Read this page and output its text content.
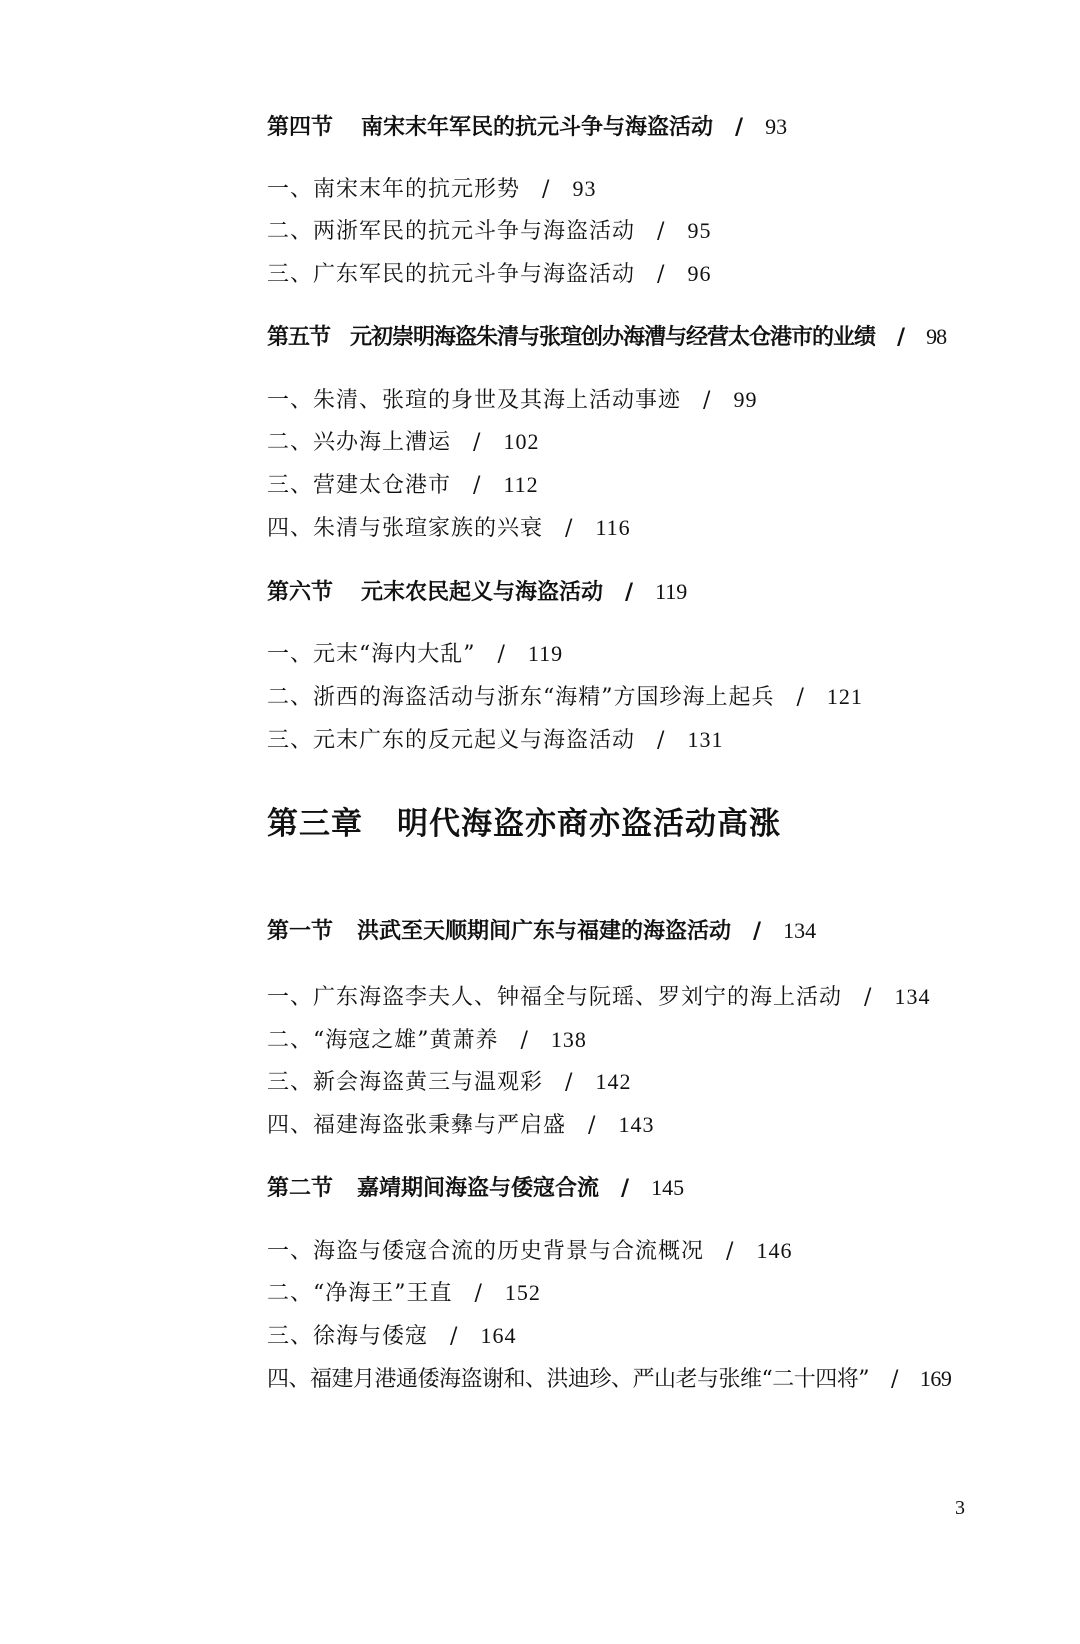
第四节 南宋末年军民的抗元斗争与海盗活动 / 93
一、南宋末年的抗元形势 / 93
二、两浙军民的抗元斗争与海盗活动 / 95
三、广东军民的抗元斗争与海盗活动 / 96
第五节 元初崇明海盗朱清与张瑄创办海漕与经营太仓港市的业绩 / 98
一、朱清、张瑄的身世及其海上活动事迹 / 99
二、兴办海上漕运 / 102
三、营建太仓港市 / 112
四、朱清与张瑄家族的兴衰 / 116
第六节 元末农民起义与海盗活动 / 119
一、元末“海内大乱” / 119
二、浙西的海盗活动与浙东“海精”方国珍海上起兵 / 121
三、元末广东的反元起义与海盗活动 / 131
第三章 明代海盗亦商亦盗活动高涨
第一节 洪武至天顺期间广东与福建的海盗活动 / 134
一、广东海盗李夫人、钟福全与阮瑶、罗刘宁的海上活动 / 134
二、“海寇之雄”黄萧养 / 138
三、新会海盗黄三与温观彩 / 142
四、福建海盗张秉彝与严启盛 / 143
第二节 嘉靖期间海盗与倭寇合流 / 145
一、海盗与倭寇合流的历史背景与合流概况 / 146
二、“净海王”王直 / 152
三、徐海与倭寇 / 164
四、福建月港通倭海盗谢和、洪迪珍、严山老与张维“二十四将” / 169
3
